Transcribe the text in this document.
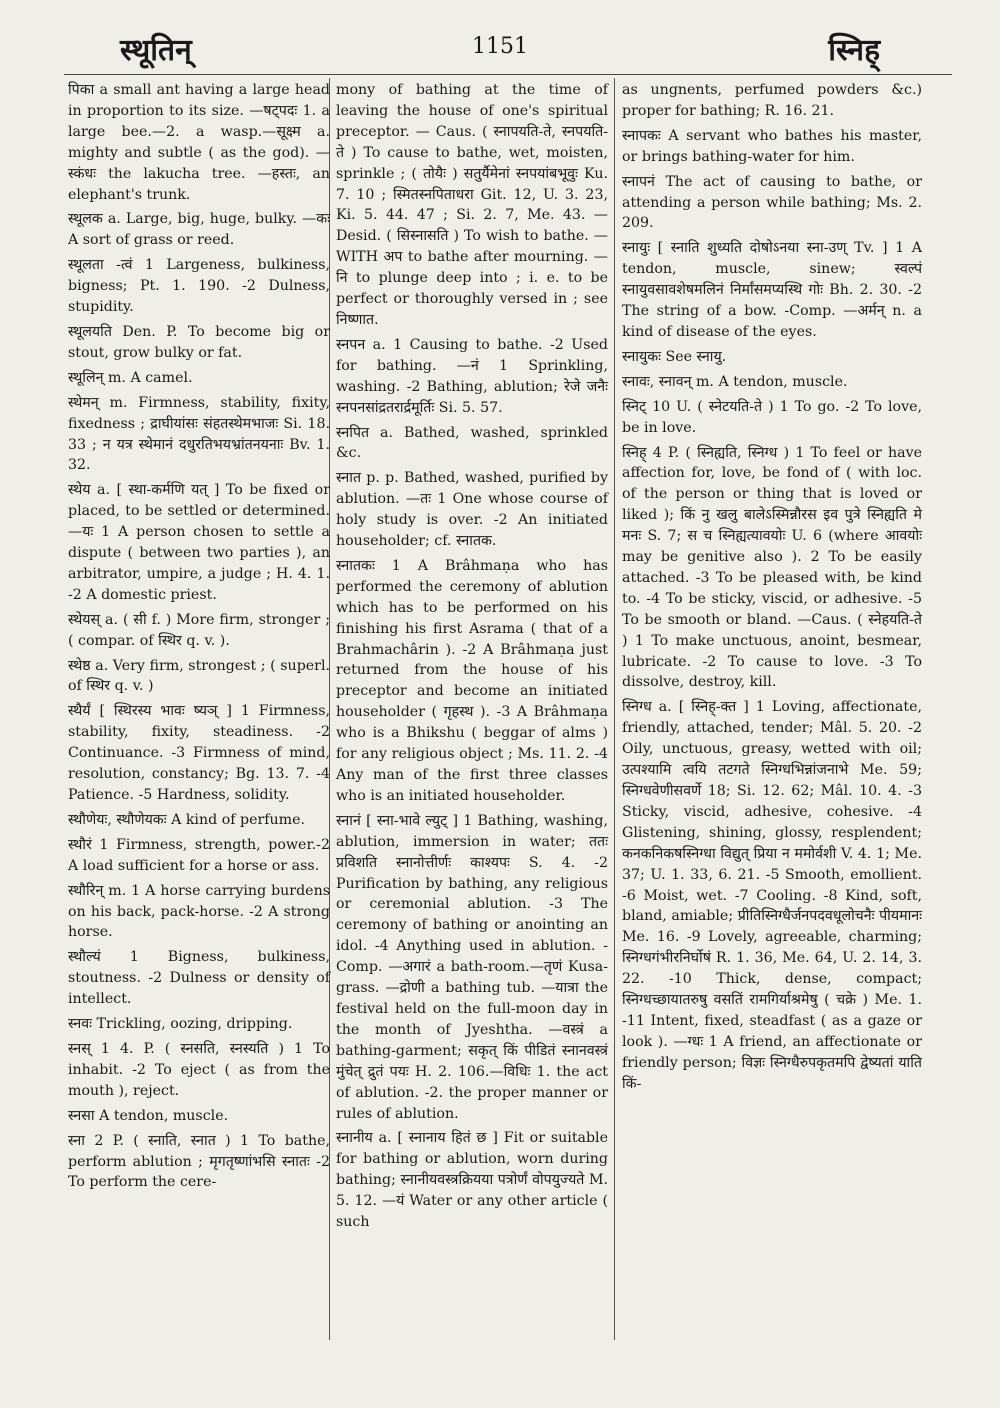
स्थूतिन्	1151	स्निह्

पिका a small ant having a large head in proportion to its size. —षट्पदः 1. a large bee.—2. a wasp.—सूक्ष्म a. mighty and subtle ( as the god). —स्कंधः the lakucha tree. —हस्तः, an elephant's trunk.

स्थूलक a. Large, big, huge, bulky. —कः A sort of grass or reed.

स्थूलता -त्वं 1 Largeness, bulkiness, bigness; Pt. 1. 190. -2 Dulness, stupidity.

स्थूलयति Den. P. To become big or stout, grow bulky or fat.

स्थूलिन् m. A camel.

स्थेमन् m. Firmness, stability, fixity, fixedness ; द्राघीयांसः संहतस्थेमभाजः Si. 18. 33 ; न यत्र स्थेमानं दधुरतिभयभ्रांतनयनाः Bv. 1. 32.

स्थेय a. [ स्था-कर्मणि यत् ] To be fixed or placed, to be settled or determined.—यः 1 A person chosen to settle a dispute ( between two parties ), an arbitrator, umpire, a judge ; H. 4. 1. -2 A domestic priest.

स्थेयस् a. ( सी f. ) More firm, stronger ; ( compar. of स्थिर q. v. ).

स्थेष्ठ a. Very firm, strongest ; ( superl. of स्थिर q. v. )

स्थैर्यं [ स्थिरस्य भावः ष्यञ् ] 1 Firmness, stability, fixity, steadiness. -2 Continuance. -3 Firmness of mind, resolution, constancy; Bg. 13. 7. -4 Patience. -5 Hardness, solidity.

स्थौणेयः, स्थौणेयकः A kind of perfume.

स्थौरं 1 Firmness, strength, power.-2 A load sufficient for a horse or ass.

स्थौरिन् m. 1 A horse carrying burdens on his back, pack-horse. -2 A strong horse.

स्थौल्यं 1 Bigness, bulkiness, stoutness. -2 Dulness or density of intellect.

स्नवः Trickling, oozing, dripping.

स्नस् 1 4. P. ( स्नसति, स्नस्यति ) 1 To inhabit. -2 To eject ( as from the mouth ), reject.

स्नसा A tendon, muscle.

स्ना 2 P. ( स्नाति, स्नात ) 1 To bathe, perform ablution ; मृगतृष्णांभसि स्नातः -2 To perform the cere-

mony of bathing at the time of leaving the house of one's spiritual preceptor. — Caus. ( स्नापयति-ते, स्नपयति-ते ) To cause to bathe, wet, moisten, sprinkle ; ( तोयैः ) सतुर्यैमेनां स्नपयांबभूवुः Ku. 7. 10 ; स्मितस्नपिताधरा Git. 12, U. 3. 23, Ki. 5. 44. 47 ; Si. 2. 7, Me. 43. —Desid. ( सिस्नासति ) To wish to bathe. —WITH अप to bathe after mourning. —नि to plunge deep into ; i. e. to be perfect or thoroughly versed in ; see निष्णात.

स्नपन a. 1 Causing to bathe. -2 Used for bathing. —नं 1 Sprinkling, washing. -2 Bathing, ablution; रेजे जनैः स्नपनसांद्रतरार्द्रमूर्तिः Si. 5. 57.

स्नपित a. Bathed, washed, sprinkled &c.

स्नात p. p. Bathed, washed, purified by ablution. —तः 1 One whose course of holy study is over. -2 An initiated householder; cf. स्नातक.

स्नातकः 1 A Brâhmaṇa who has performed the ceremony of ablution which has to be performed on his finishing his first Asrama ( that of a Brahmachârin ). -2 A Brâhmaṇa just returned from the house of his preceptor and become an initiated householder ( गृहस्थ ). -3 A Brâhmaṇa who is a Bhikshu ( beggar of alms ) for any religious object ; Ms. 11. 2. -4 Any man of the first three classes who is an initiated householder.

स्नानं [ स्ना-भावे ल्युट् ] 1 Bathing, washing, ablution, immersion in water; ततः प्रविशति स्नानोत्तीर्णः काश्यपः S. 4. -2 Purification by bathing, any religious or ceremonial ablution. -3 The ceremony of bathing or anointing an idol. -4 Anything used in ablution. -Comp. —अगारं a bath-room.—तृणं Kusa-grass. —द्रोणी a bathing tub. —यात्रा the festival held on the full-moon day in the month of Jyeshtha. —वस्त्रं a bathing-garment; सकृत् किं पीडितं स्नानवस्त्रं मुंचेत् द्रुतं पयः H. 2. 106.—विधिः 1. the act of ablution. -2. the proper manner or rules of ablution.

स्नानीय a. [ स्नानाय हितं छ ] Fit or suitable for bathing or ablution, worn during bathing; स्नानीयवस्त्रक्रियया पत्रोर्णं वोपयुज्यते M. 5. 12. —यं Water or any other article ( such

as ungnents, perfumed powders &c.) proper for bathing; R. 16. 21.

स्नापकः A servant who bathes his master, or brings bathing-water for him.

स्नापनं The act of causing to bathe, or attending a person while bathing; Ms. 2. 209.

स्नायुः [ स्नाति शुध्यति दोषोऽनया स्ना-उण् Tv. ] 1 A tendon, muscle, sinew; स्वल्पं स्नायुवसावशेषमलिनं निर्मांसमप्यस्थि गोः Bh. 2. 30. -2 The string of a bow. -Comp. —अर्मन् n. a kind of disease of the eyes.

स्नायुकः See स्नायु.

स्नावः, स्नावन् m. A tendon, muscle.

स्निट् 10 U. ( स्नेटयति-ते ) 1 To go. -2 To love, be in love.

स्निह् 4 P. ( स्निह्यति, स्निग्ध ) 1 To feel or have affection for, love, be fond of ( with loc. of the person or thing that is loved or liked ); किं नु खलु बालेऽस्मिन्नौरस इव पुत्रे स्निह्यति मे मनः S. 7; स च स्निह्यत्यावयोः U. 6 (where आवयोः may be genitive also ). 2 To be easily attached. -3 To be pleased with, be kind to. -4 To be sticky, viscid, or adhesive. -5 To be smooth or bland. —Caus. ( स्नेहयति-ते ) 1 To make unctuous, anoint, besmear, lubricate. -2 To cause to love. -3 To dissolve, destroy, kill.

स्निग्ध a. [ स्निह्-क्त ] 1 Loving, affectionate, friendly, attached, tender; Mâl. 5. 20. -2 Oily, unctuous, greasy, wetted with oil; उत्पश्यामि त्वयि तटगते स्निग्धभिन्नांजनाभे Me. 59; स्निग्धवेणीसवर्णे 18; Si. 12. 62; Mâl. 10. 4. -3 Sticky, viscid, adhesive, cohesive. -4 Glistening, shining, glossy, resplendent; कनकनिकषस्निग्धा विद्युत् प्रिया न ममोर्वशी V. 4. 1; Me. 37; U. 1. 33, 6. 21. -5 Smooth, emollient. -6 Moist, wet. -7 Cooling. -8 Kind, soft, bland, amiable; प्रीतिस्निग्धैर्जनपदवधूलोचनैः पीयमानः Me. 16. -9 Lovely, agreeable, charming; स्निग्धगंभीरनिर्घोषं R. 1. 36, Me. 64, U. 2. 14, 3. 22. -10 Thick, dense, compact; स्निग्धच्छायातरुषु वसतिं रामगिर्याश्रमेषु ( चक्रे ) Me. 1. -11 Intent, fixed, steadfast ( as a gaze or look ). —ग्धः 1 A friend, an affectionate or friendly person; विज्ञः स्निग्धैरुपकृतमपि द्वेष्यतां याति किं-
